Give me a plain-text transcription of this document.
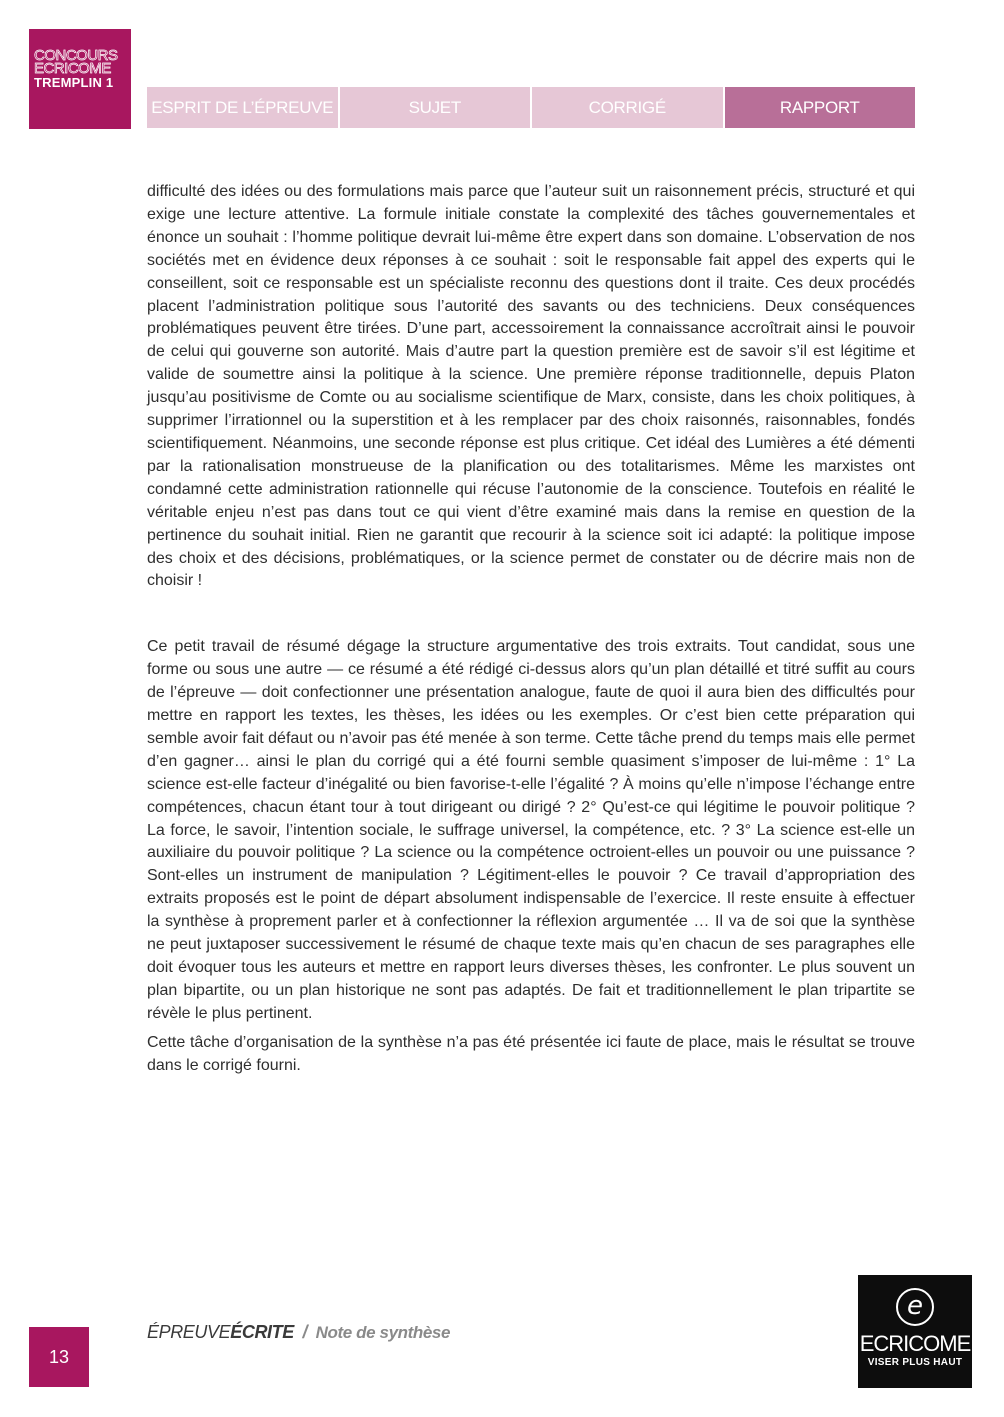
CONCOURS
ECRICOME
TREMPLIN 1
ESPRIT DE L’ÉPREUVE	SUJET	CORRIGÉ	RAPPORT

difficulté des idées ou des formulations mais parce que l’auteur suit un raisonnement précis, structuré et qui exige une lecture attentive. La formule initiale constate la complexité des tâches gouvernementales et énonce un souhait : l’homme politique devrait lui-même être expert dans son domaine. L’observation de nos sociétés met en évidence deux réponses à ce souhait : soit le responsable fait appel des experts qui le conseillent, soit ce responsable est un spécialiste reconnu des questions dont il traite. Ces deux procédés placent l’administration politique sous l’autorité des savants ou des techniciens. Deux conséquences problématiques peuvent être tirées. D’une part, accessoirement la connaissance accroîtrait ainsi le pouvoir de celui qui gouverne son autorité. Mais d’autre part la question première est de savoir s’il est légitime et valide de soumettre ainsi la politique à la science. Une première réponse traditionnelle, depuis Platon jusqu’au positivisme de Comte ou au socialisme scientifique de Marx, consiste, dans les choix politiques, à supprimer l’irrationnel ou la superstition et à les remplacer par des choix raisonnés, raisonnables, fondés scientifiquement. Néanmoins, une seconde réponse est plus critique. Cet idéal des Lumières a été démenti par la rationalisation monstrueuse de la planification ou des totalitarismes. Même les marxistes ont condamné cette administration rationnelle qui récuse l’autonomie de la conscience. Toutefois en réalité le véritable enjeu n’est pas dans tout ce qui vient d’être examiné mais dans la remise en question de la pertinence du souhait initial. Rien ne garantit que recourir à la science soit ici adapté: la politique impose des choix et des décisions, problématiques, or la science permet de constater ou de décrire mais non de choisir !

Ce petit travail de résumé dégage la structure argumentative des trois extraits. Tout candidat, sous une forme ou sous une autre — ce résumé a été rédigé ci-dessus alors qu’un plan détaillé et titré suffit au cours de l’épreuve — doit confectionner une présentation analogue, faute de quoi il aura bien des difficultés pour mettre en rapport les textes, les thèses, les idées ou les exemples. Or c’est bien cette préparation qui semble avoir fait défaut ou n’avoir pas été menée à son terme. Cette tâche prend du temps mais elle permet d’en gagner… ainsi le plan du corrigé qui a été fourni semble quasiment s’imposer de lui-même : 1° La science est-elle facteur d’inégalité ou bien favorise-t-elle l’égalité ? À moins qu’elle n’impose l’échange entre compétences, chacun étant tour à tout dirigeant ou dirigé ? 2° Qu’est-ce qui légitime le pouvoir politique ? La force, le savoir, l’intention sociale, le suffrage universel, la compétence, etc. ? 3° La science est-elle un auxiliaire du pouvoir politique ? La science ou la compétence octroient-elles un pouvoir ou une puissance ? Sont-elles un instrument de manipulation ? Légitiment-elles le pouvoir ? Ce travail d’appropriation des extraits proposés est le point de départ absolument indispensable de l’exercice. Il reste ensuite à effectuer la synthèse à proprement parler et à confectionner la réflexion argumentée … Il va de soi que la synthèse ne peut juxtaposer successivement le résumé de chaque texte mais qu’en chacun de ses paragraphes elle doit évoquer tous les auteurs et mettre en rapport leurs diverses thèses, les confronter. Le plus souvent un plan bipartite, ou un plan historique ne sont pas adaptés. De fait et traditionnellement le plan tripartite se révèle le plus pertinent.

Cette tâche d’organisation de la synthèse n’a pas été présentée ici faute de place, mais le résultat se trouve dans le corrigé fourni.

ÉPREUVEÉCRITE / Note de synthèse
13
e
ECRICOME
VISER PLUS HAUT
